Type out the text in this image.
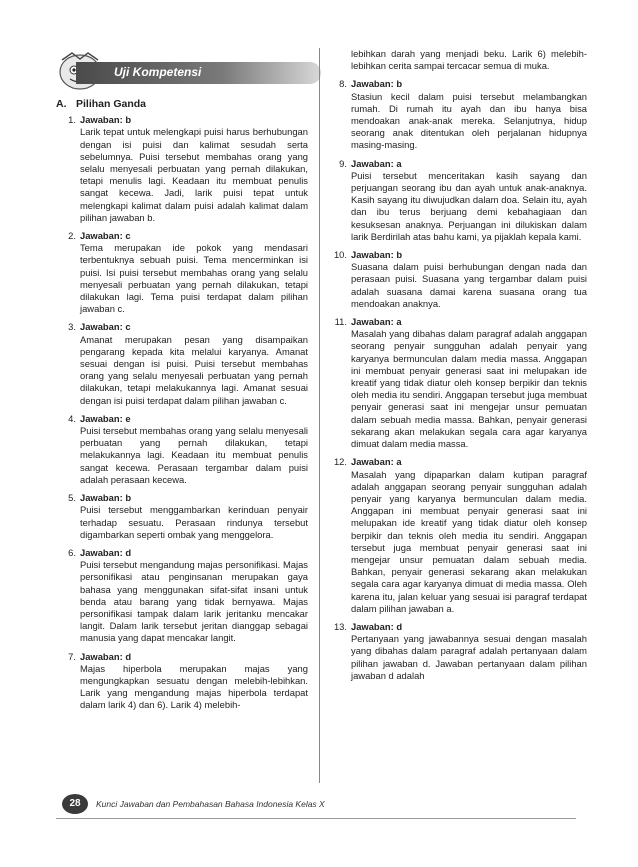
Uji Kompetensi
A. Pilihan Ganda
1. Jawaban: b
Larik tepat untuk melengkapi puisi harus berhubungan dengan isi puisi dan kalimat sesudah serta sebelumnya. Puisi tersebut membahas orang yang selalu menyesali perbuatan yang pernah dilakukan, tetapi menulis lagi. Keadaan itu membuat penulis sangat kecewa. Jadi, larik puisi tepat untuk melengkapi kalimat dalam puisi adalah kalimat dalam pilihan jawaban b.
2. Jawaban: c
Tema merupakan ide pokok yang mendasari terbentuknya sebuah puisi. Tema mencerminkan isi puisi. Isi puisi tersebut membahas orang yang selalu menyesali perbuatan yang pernah dilakukan, tetapi dilakukan lagi. Tema puisi terdapat dalam pilihan jawaban c.
3. Jawaban: c
Amanat merupakan pesan yang disampaikan pengarang kepada kita melalui karyanya. Amanat sesuai dengan isi puisi. Puisi tersebut membahas orang yang selalu menyesali perbuatan yang pernah dilakukan, tetapi melakukannya lagi. Amanat sesuai dengan isi puisi terdapat dalam pilihan jawaban c.
4. Jawaban: e
Puisi tersebut membahas orang yang selalu menyesali perbuatan yang pernah dilakukan, tetapi melakukannya lagi. Keadaan itu membuat penulis sangat kecewa. Perasaan tergambar dalam puisi adalah perasaan kecewa.
5. Jawaban: b
Puisi tersebut menggambarkan kerinduan penyair terhadap sesuatu. Perasaan rindunya tersebut digambarkan seperti ombak yang menggelora.
6. Jawaban: d
Puisi tersebut mengandung majas personifikasi. Majas personifikasi atau penginsanan merupakan gaya bahasa yang menggunakan sifat-sifat insani untuk benda atau barang yang tidak bernyawa. Majas personifikasi tampak dalam larik jeritanku mencakar langit. Dalam larik tersebut jeritan dianggap sebagai manusia yang dapat mencakar langit.
7. Jawaban: d
Majas hiperbola merupakan majas yang mengungkapkan sesuatu dengan melebih-lebihkan. Larik yang mengandung majas hiperbola terdapat dalam larik 4) dan 6). Larik 4) melebih-
lebihkan darah yang menjadi beku. Larik 6) melebih-lebihkan cerita sampai tercacar semua di muka.
8. Jawaban: b
Stasiun kecil dalam puisi tersebut melambangkan rumah. Di rumah itu ayah dan ibu hanya bisa mendoakan anak-anak mereka. Selanjutnya, hidup seorang anak ditentukan oleh perjalanan hidupnya masing-masing.
9. Jawaban: a
Puisi tersebut menceritakan kasih sayang dan perjuangan seorang ibu dan ayah untuk anak-anaknya. Kasih sayang itu diwujudkan dalam doa. Selain itu, ayah dan ibu terus berjuang demi kebahagiaan dan kesuksesan anaknya. Perjuangan ini dilukiskan dalam larik Berdirilah atas bahu kami, ya pijaklah kepala kami.
10. Jawaban: b
Suasana dalam puisi berhubungan dengan nada dan perasaan puisi. Suasana yang tergambar dalam puisi adalah suasana damai karena suasana orang tua mendoakan anaknya.
11. Jawaban: a
Masalah yang dibahas dalam paragraf adalah anggapan seorang penyair sungguhan adalah penyair yang karyanya bermunculan dalam media massa. Anggapan ini membuat penyair generasi saat ini melupakan ide kreatif yang tidak diatur oleh konsep berpikir dan teknis oleh media itu sendiri. Anggapan tersebut juga membuat penyair generasi saat ini mengejar unsur pemuatan dalam sebuah media massa. Bahkan, penyair generasi sekarang akan melakukan segala cara agar karyanya dimuat dalam media massa.
12. Jawaban: a
Masalah yang dipaparkan dalam kutipan paragraf adalah anggapan seorang penyair sungguhan adalah penyair yang karyanya bermunculan dalam media. Anggapan ini membuat penyair generasi saat ini melupakan ide kreatif yang tidak diatur oleh konsep berpikir dan teknis oleh media itu sendiri. Anggapan tersebut juga membuat penyair generasi saat ini mengejar unsur pemuatan dalam sebuah media. Bahkan, penyair generasi sekarang akan melakukan segala cara agar karyanya dimuat di media massa. Oleh karena itu, jalan keluar yang sesuai isi paragraf terdapat dalam pilihan jawaban a.
13. Jawaban: d
Pertanyaan yang jawabannya sesuai dengan masalah yang dibahas dalam paragraf adalah pertanyaan dalam pilihan jawaban d. Jawaban pertanyaan dalam pilihan jawaban d adalah
28	Kunci Jawaban dan Pembahasan Bahasa Indonesia Kelas X
